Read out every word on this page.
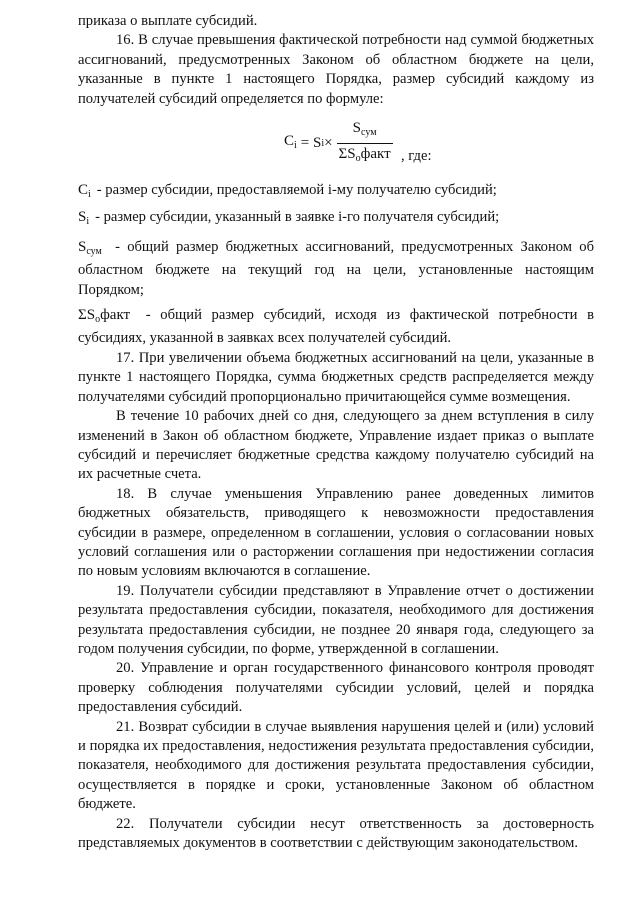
приказа о выплате субсидий.

16. В случае превышения фактической потребности над суммой бюджетных ассигнований, предусмотренных Законом об областном бюджете на цели, указанные в пункте 1 настоящего Порядка, размер субсидий каждому из получателей субсидий определяется по формуле:

$C_i = S$ $i \times \frac{S_{сум}}{\Sigma S_офакт}$ , где:
$C_i$ - размер субсидии, предоставляемой i-му получателю субсидий;
$S_i$ - размер субсидии, указанный в заявке i-го получателя субсидий;

$S_{сум}$ - общий размер бюджетных ассигнований, предусмотренных Законом об областном бюджете на текущий год на цели, установленные настоящим Порядком;

$\Sigma S_офакт$ - общий размер субсидий, исходя из фактической потребности в субсидиях, указанной в заявках всех получателей субсидий.

17. При увеличении объема бюджетных ассигнований на цели, указанные в пункте 1 настоящего Порядка, сумма бюджетных средств распределяется между получателями субсидий пропорционально причитающейся сумме возмещения.

В течение 10 рабочих дней со дня, следующего за днем вступления в силу изменений в Закон об областном бюджете, Управление издает приказ о выплате субсидий и перечисляет бюджетные средства каждому получателю субсидий на их расчетные счета.

18. В случае уменьшения Управлению ранее доведенных лимитов бюджетных обязательств, приводящего к невозможности предоставления субсидии в размере, определенном в соглашении, условия о согласовании новых условий соглашения или о расторжении соглашения при недостижении согласия по новым условиям включаются в соглашение.

19. Получатели субсидии представляют в Управление отчет о достижении результата предоставления субсидии, показателя, необходимого для достижения результата предоставления субсидии, не позднее 20 января года, следующего за годом получения субсидии, по форме, утвержденной в соглашении.

20. Управление и орган государственного финансового контроля проводят проверку соблюдения получателями субсидии условий, целей и порядка предоставления субсидий.

21. Возврат субсидии в случае выявления нарушения целей и (или) условий и порядка их предоставления, недостижения результата предоставления субсидии, показателя, необходимого для достижения результата предоставления субсидии, осуществляется в порядке и сроки, установленные Законом об областном бюджете.

22. Получатели субсидии несут ответственность за достоверность представляемых документов в соответствии с действующим законодательством.
